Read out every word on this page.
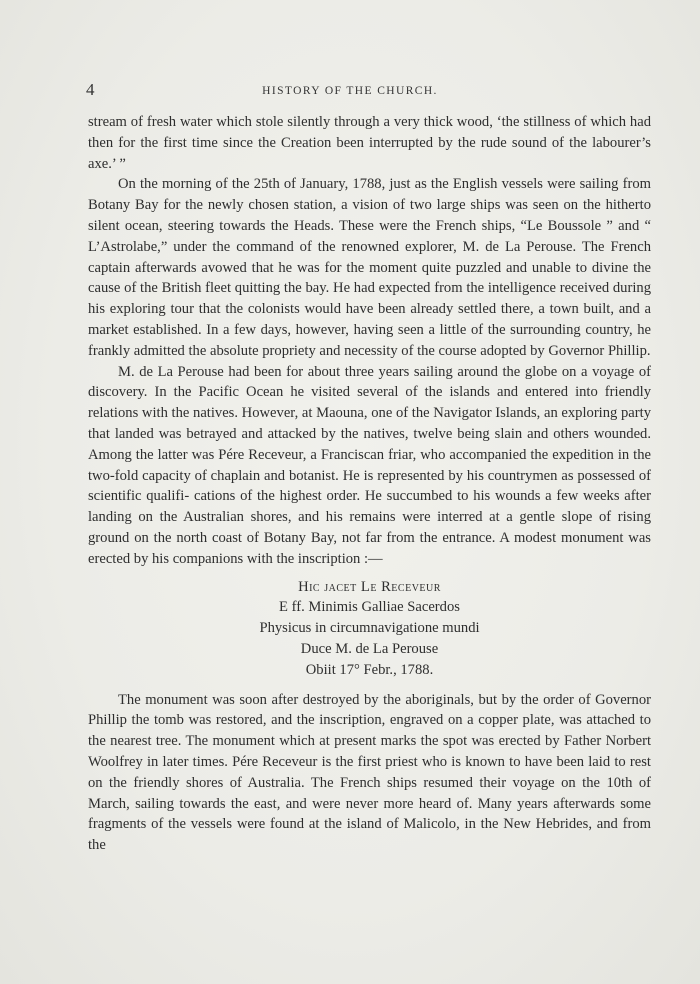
4	HISTORY OF THE CHURCH.

stream of fresh water which stole silently through a very thick wood, ‘the stillness of which had then for the first time since the Creation been interrupted by the rude sound of the labourer’s axe.’ ”

On the morning of the 25th of January, 1788, just as the English vessels were sailing from Botany Bay for the newly chosen station, a vision of two large ships was seen on the hitherto silent ocean, steering towards the Heads. These were the French ships, “Le Boussole ” and “ L’Astrolabe,” under the command of the renowned explorer, M. de La Perouse. The French captain afterwards avowed that he was for the moment quite puzzled and unable to divine the cause of the British fleet quitting the bay. He had expected from the intelligence received during his exploring tour that the colonists would have been already settled there, a town built, and a market established. In a few days, however, having seen a little of the surrounding country, he frankly admitted the absolute propriety and necessity of the course adopted by Governor Phillip.

M. de La Perouse had been for about three years sailing around the globe on a voyage of discovery. In the Pacific Ocean he visited several of the islands and entered into friendly relations with the natives. However, at Maouna, one of the Navigator Islands, an exploring party that landed was betrayed and attacked by the natives, twelve being slain and others wounded. Among the latter was Pére Receveur, a Franciscan friar, who accompanied the expedition in the two-fold capacity of chaplain and botanist. He is represented by his countrymen as possessed of scientific qualifi- cations of the highest order. He succumbed to his wounds a few weeks after landing on the Australian shores, and his remains were interred at a gentle slope of rising ground on the north coast of Botany Bay, not far from the entrance. A modest monument was erected by his companions with the inscription :—

Hic jacet Le Receveur
E ff. Minimis Galliae Sacerdos
Physicus in circumnavigatione mundi
Duce M. de La Perouse
Obiit 17° Febr., 1788.

The monument was soon after destroyed by the aboriginals, but by the order of Governor Phillip the tomb was restored, and the inscription, engraved on a copper plate, was attached to the nearest tree. The monument which at present marks the spot was erected by Father Norbert Woolfrey in later times. Pére Receveur is the first priest who is known to have been laid to rest on the friendly shores of Australia. The French ships resumed their voyage on the 10th of March, sailing towards the east, and were never more heard of. Many years afterwards some fragments of the vessels were found at the island of Malicolo, in the New Hebrides, and from the
